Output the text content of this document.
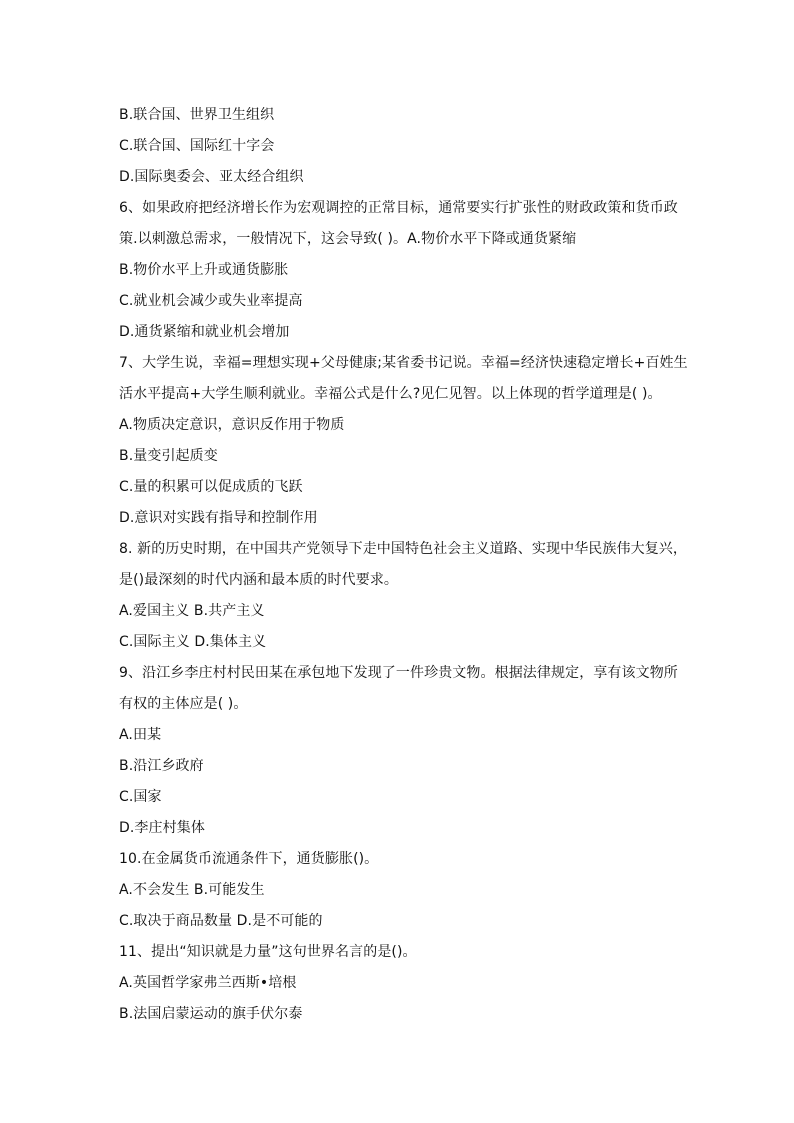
B.联合国、世界卫生组织
C.联合国、国际红十字会
D.国际奥委会、亚太经合组织
6、如果政府把经济增长作为宏观调控的正常目标，通常要实行扩张性的财政政策和货币政
策.以刺激总需求，一般情况下，这会导致( )。A.物价水平下降或通货紧缩
B.物价水平上升或通货膨胀
C.就业机会减少或失业率提高
D.通货紧缩和就业机会增加
7、大学生说，幸福=理想实现+父母健康;某省委书记说。幸福=经济快速稳定增长+百姓生
活水平提高+大学生顺利就业。幸福公式是什么?见仁见智。以上体现的哲学道理是( )。
A.物质决定意识，意识反作用于物质
B.量变引起质变
C.量的积累可以促成质的飞跃
D.意识对实践有指导和控制作用
8. 新的历史时期，在中国共产党领导下走中国特色社会主义道路、实现中华民族伟大复兴，
是()最深刻的时代内涵和最本质的时代要求。
A.爱国主义 B.共产主义
C.国际主义 D.集体主义
9、沿江乡李庄村村民田某在承包地下发现了一件珍贵文物。根据法律规定，享有该文物所
有权的主体应是( )。
A.田某
B.沿江乡政府
C.国家
D.李庄村集体
10.在金属货币流通条件下，通货膨胀()。
A.不会发生 B.可能发生
C.取决于商品数量 D.是不可能的
11、提出“知识就是力量”这句世界名言的是()。
A.英国哲学家弗兰西斯•培根
B.法国启蒙运动的旗手伏尔泰
